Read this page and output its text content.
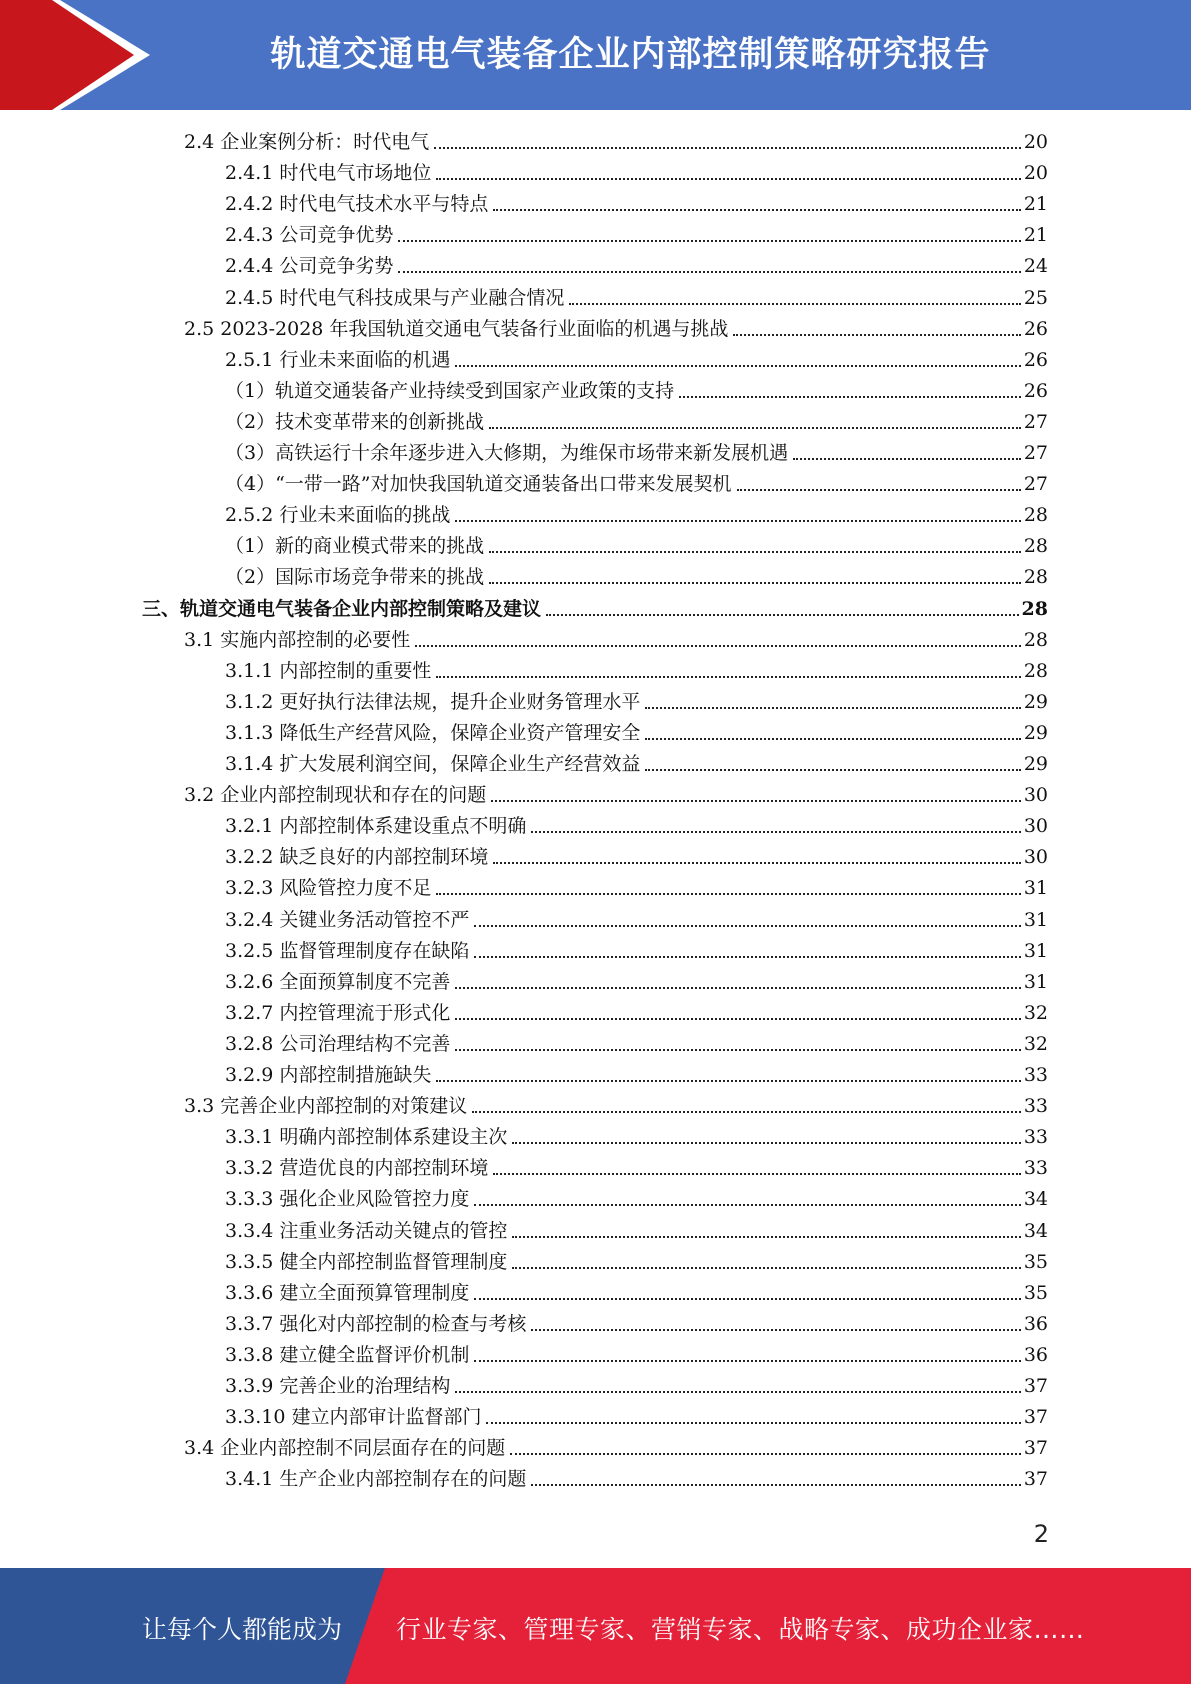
轨道交通电气装备企业内部控制策略研究报告
2.4 企业案例分析：时代电气	20
2.4.1 时代电气市场地位	20
2.4.2 时代电气技术水平与特点	21
2.4.3 公司竞争优势	21
2.4.4 公司竞争劣势	24
2.4.5 时代电气科技成果与产业融合情况	25
2.5 2023-2028 年我国轨道交通电气装备行业面临的机遇与挑战	26
2.5.1 行业未来面临的机遇	26
（1）轨道交通装备产业持续受到国家产业政策的支持	26
（2）技术变革带来的创新挑战	27
（3）高铁运行十余年逐步进入大修期，为维保市场带来新发展机遇	27
（4）“一带一路”对加快我国轨道交通装备出口带来发展契机	27
2.5.2 行业未来面临的挑战	28
（1）新的商业模式带来的挑战	28
（2）国际市场竞争带来的挑战	28
三、轨道交通电气装备企业内部控制策略及建议	28
3.1 实施内部控制的必要性	28
3.1.1 内部控制的重要性	28
3.1.2 更好执行法律法规，提升企业财务管理水平	29
3.1.3 降低生产经营风险，保障企业资产管理安全	29
3.1.4 扩大发展利润空间，保障企业生产经营效益	29
3.2 企业内部控制现状和存在的问题	30
3.2.1 内部控制体系建设重点不明确	30
3.2.2 缺乏良好的内部控制环境	30
3.2.3 风险管控力度不足	31
3.2.4 关键业务活动管控不严	31
3.2.5 监督管理制度存在缺陷	31
3.2.6 全面预算制度不完善	31
3.2.7 内控管理流于形式化	32
3.2.8 公司治理结构不完善	32
3.2.9 内部控制措施缺失	33
3.3 完善企业内部控制的对策建议	33
3.3.1 明确内部控制体系建设主次	33
3.3.2 营造优良的内部控制环境	33
3.3.3 强化企业风险管控力度	34
3.3.4 注重业务活动关键点的管控	34
3.3.5 健全内部控制监督管理制度	35
3.3.6 建立全面预算管理制度	35
3.3.7 强化对内部控制的检查与考核	36
3.3.8 建立健全监督评价机制	36
3.3.9 完善企业的治理结构	37
3.3.10 建立内部审计监督部门	37
3.4 企业内部控制不同层面存在的问题	37
3.4.1 生产企业内部控制存在的问题	37
2
让每个人都能成为 行业专家、管理专家、营销专家、战略专家、成功企业家……
